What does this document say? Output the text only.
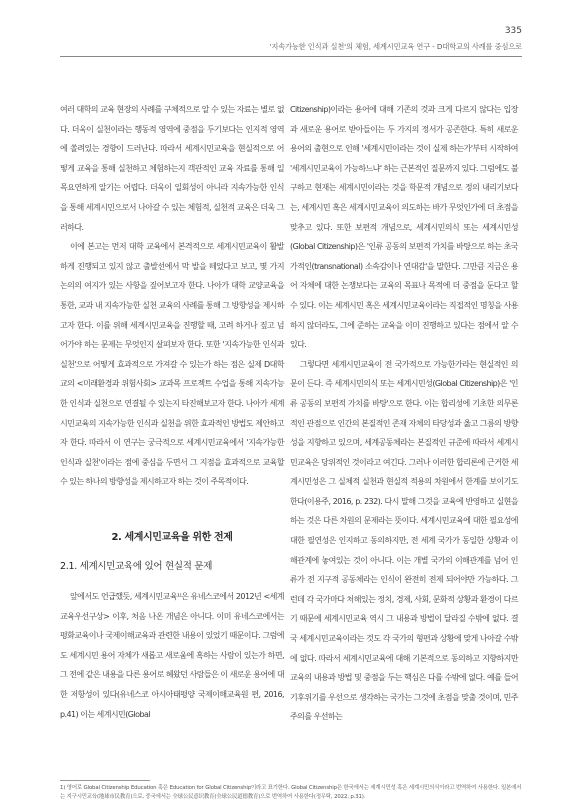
335
'지속가능한 인식과 실천'의 체험, 세계시민교육 연구 - D대학교의 사례를 중심으로

여러 대학의 교육 현장의 사례를 구체적으로 알 수 있는 자료는 별로 없다. 더욱이 실천이라는 행동적 영역에 중점을 두기보다는 인지적 영역에 쏠려있는 경향이 드러난다. 따라서 세계시민교육을 현실적으로 어떻게 교육을 통해 실천하고 체험하는지 객관적인 교육 자료를 통해 일목요연하게 알기는 어렵다. 더욱이 일회성이 아니라 지속가능한 인식을 통해 세계시민으로서 나아갈 수 있는 체험적, 실천적 교육은 더욱 그러하다.

이에 본고는 먼저 대학 교육에서 본격적으로 세계시민교육이 활발하게 진행되고 있지 않고 출발선에서 막 발을 떼었다고 보고, 몇 가지 논의의 여지가 있는 사항을 짚어보고자 한다. 나아가 대학 교양교육을 통한, 교과 내 지속가능한 실천 교육의 사례를 통해 그 방향성을 제시하고자 한다. 이를 위해 세계시민교육을 진행할 때, 고려 하거나 짚고 넘어가야 하는 문제는 무엇인지 살펴보자 한다. 또한 '지속가능한 인식과 실천'으로 어떻게 효과적으로 가져갈 수 있는가 하는 점은 실제 D대학교의 <미래환경과 위험사회> 교과목 프로젝트 수업을 통해 지속가능한 인식과 실천으로 연결될 수 있는지 타진해보고자 한다. 나아가 세계시민교육의 지속가능한 인식과 실천을 위한 효과적인 방법도 제안하고자 한다. 따라서 이 연구는 궁극적으로 세계시민교육에서 '지속가능한 인식과 실천'이라는 점에 중심을 두면서 그 지점을 효과적으로 교육할 수 있는 하나의 방향성을 제시하고자 하는 것이 주목적이다.

2. 세계시민교육을 위한 전제
2.1. 세계시민교육에 있어 현실적 문제

앞에서도 언급했듯, 세계시민교육¹⁾은 유네스코에서 2012년 <세계교육우선구상> 이후, 처음 나온 개념은 아니다. 이미 유네스코에서는 평화교육이나 국제이해교육과 관련한 내용이 있었기 때문이다. 그럼에도 세계시민 용어 자체가 새롭고 새로움에 혹하는 사람이 있는가 하면, 그 전에 같은 내용을 다른 용어로 혜왔던 사람들은 이 새로운 용어에 대한 저항성이 있다(유네스코 아시아태평양 국제이해교육원 편, 2016, p.41) 이는 세계시민(Global

Citizenship)이라는 용어에 대해 기존의 것과 크게 다르지 않다는 입장과 새로운 용어로 받아들이는 두 가지의 정서가 공존한다. 특히 새로운 용어의 출현으로 인해 '세계시민이라는 것이 실제 하는가'부터 시작하여 '세계시민교육이 가능하느냐' 하는 근본적인 질문까지 있다. 그럼에도 불구하고 현재는 세계시민이라는 것을 학문적 개념으로 정의 내리기보다는, 세계시민 혹은 세계시민교육이 의도하는 바가 무엇인가에 더 초점을 맞추고 있다. 또한 보편적 개념으로, 세계시민의식 또는 세계시민성(Global Citizenship)은 '인류 공동의 보편적 가치를 바탕으로 하는 초국가적인(transnational) 소속감이나 연대감'을 말한다. 그만큼 지금은 용어 자체에 대한 논쟁보다는 교육의 목표나 목적에 더 중점을 둔다고 할 수 있다. 이는 세계시민 혹은 세계시민교육이라는 직접적인 명칭을 사용하지 않더라도, 그에 준하는 교육을 이미 진행하고 있다는 점에서 알 수 있다.

그렇다면 세계시민교육이 전 국가적으로 가능한가라는 현실적인 의문이 든다. 즉 세계시민의식 또는 세계시민성(Global Citizenship)은 '인류 공동의 보편적 가치를 바탕'으로 한다. 이는 합리성에 기초한 의무론적인 관점으로 인간의 본질적인 존재 자체의 타당성과 옳고 그름의 방향성을 지향하고 있으며, 세계공동체라는 본질적인 규준에 따라서 세계시민교육은 당위적인 것이라고 여긴다. 그러나 이러한 합리론에 근거한 세계시민성은 그 실체적 실천과 현실적 적용의 차원에서 한계를 보이기도 한다(이용주, 2016, p. 232). 다시 말해 그것을 교육에 반영하고 실현을 하는 것은 다른 차원의 문제라는 뜻이다. 세계시민교육에 대한 필요성에 대한 필연성은 인지하고 동의하지만, 전 세계 국가가 동일한 상황과 이해관계에 놓여있는 것이 아니다. 이는 개별 국가의 이해관계를 넘어 인류가 전 지구적 공동체라는 인식이 완전히 전제 되어야만 가능하다. 그런데 각 국가마다 처해있는 정치, 경제, 사회, 문화적 상황과 환경이 다르기 때문에 세계시민교육 역시 그 내용과 방법이 달라질 수밖에 없다. 결국 세계시민교육이라는 것도 각 국가의 형편과 상황에 맞게 나아갈 수밖에 없다. 따라서 세계시민교육에 대해 기본적으로 동의하고 지향하지만 교육의 내용과 방법 및 중점을 두는 핵심은 다를 수밖에 없다. 예를 들어 기후위기를 우선으로 생각하는 국가는 그것에 초점을 맞출 것이며, 민주주의를 우선하는

1) 영어로 Global Citizenship Education 혹은 Education for Global Citizenship이라고 표기한다. Global Citizenship은 한국에서는 세계시민성 혹은 세계시민의식이라고 번역하여 사용한다. 일본에서는 지구시민교육(地球市民教育)으로, 중국에서는 全球公民意识教育(全球公民道德教育)으로 번역하여 사용한다(정우탁, 2022, p.31).
